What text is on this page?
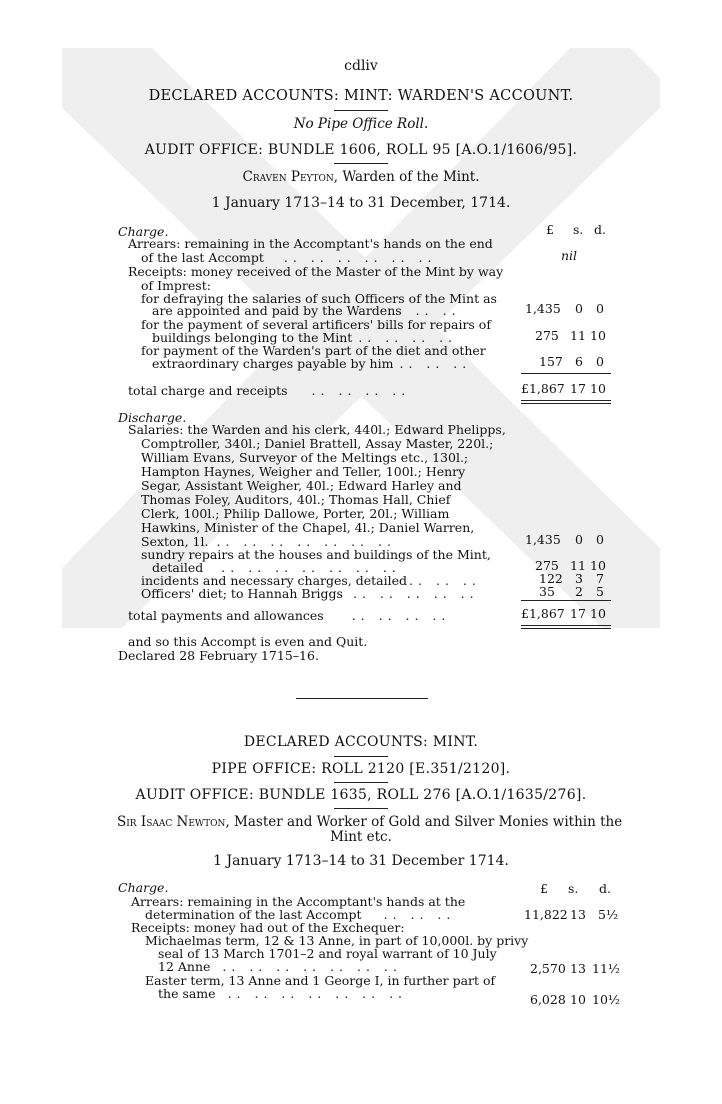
cdliv
DECLARED ACCOUNTS: MINT: WARDEN'S ACCOUNT.
No Pipe Office Roll.
AUDIT OFFICE: BUNDLE 1606, ROLL 95 [A.O.1/1606/95].
Craven Peyton, Warden of the Mint.
1 January 1713–14 to 31 December, 1714.
£ s. d.
Charge.
Arrears: remaining in the Accomptant's hands on the end
of the last Accompt .. .. .. .. .. ..	nil
Receipts: money received of the Master of the Mint by way
of Imprest:
for defraying the salaries of such Officers of the Mint as
are appointed and paid by the Wardens .. ..	1,435 0 0
for the payment of several artificers' bills for repairs of
buildings belonging to the Mint .. .. .. ..	275 11 10
for payment of the Warden's part of the diet and other
extraordinary charges payable by him .. .. ..	157 6 0
total charge and receipts .. .. .. ..	£1,867 17 10
Discharge.
Salaries: the Warden and his clerk, 440l.; Edward Phelipps,
Comptroller, 340l.; Daniel Brattell, Assay Master, 220l.;
William Evans, Surveyor of the Meltings etc., 130l.;
Hampton Haynes, Weigher and Teller, 100l.; Henry
Segar, Assistant Weigher, 40l.; Edward Harley and
Thomas Foley, Auditors, 40l.; Thomas Hall, Chief
Clerk, 100l.; Philip Dallowe, Porter, 20l.; William
Hawkins, Minister of the Chapel, 4l.; Daniel Warren,
Sexton, 1l. .. .. .. .. .. .. ..	1,435 0 0
sundry repairs at the houses and buildings of the Mint,
detailed .. .. .. .. .. .. ..	275 11 10
incidents and necessary charges, detailed .. .. ..	122 3 7
Officers' diet; to Hannah Briggs .. .. .. .. ..	35 2 5
total payments and allowances .. .. .. ..	£1,867 17 10
and so this Accompt is even and Quit.
Declared 28 February 1715–16.
DECLARED ACCOUNTS: MINT.
PIPE OFFICE: ROLL 2120 [E.351/2120].
AUDIT OFFICE: BUNDLE 1635, ROLL 276 [A.O.1/1635/276].
Sir Isaac Newton, Master and Worker of Gold and Silver Monies within the
Mint etc.
1 January 1713–14 to 31 December 1714.
£ s. d.
Charge.
Arrears: remaining in the Accomptant's hands at the
determination of the last Accompt .. .. ..	11,822 13 5½
Receipts: money had out of the Exchequer:
Michaelmas term, 12 & 13 Anne, in part of 10,000l. by privy
seal of 13 March 1701–2 and royal warrant of 10 July
12 Anne .. .. .. .. .. .. ..	2,570 13 11½
Easter term, 13 Anne and 1 George I, in further part of
the same .. .. .. .. .. .. ..	6,028 10 10½
